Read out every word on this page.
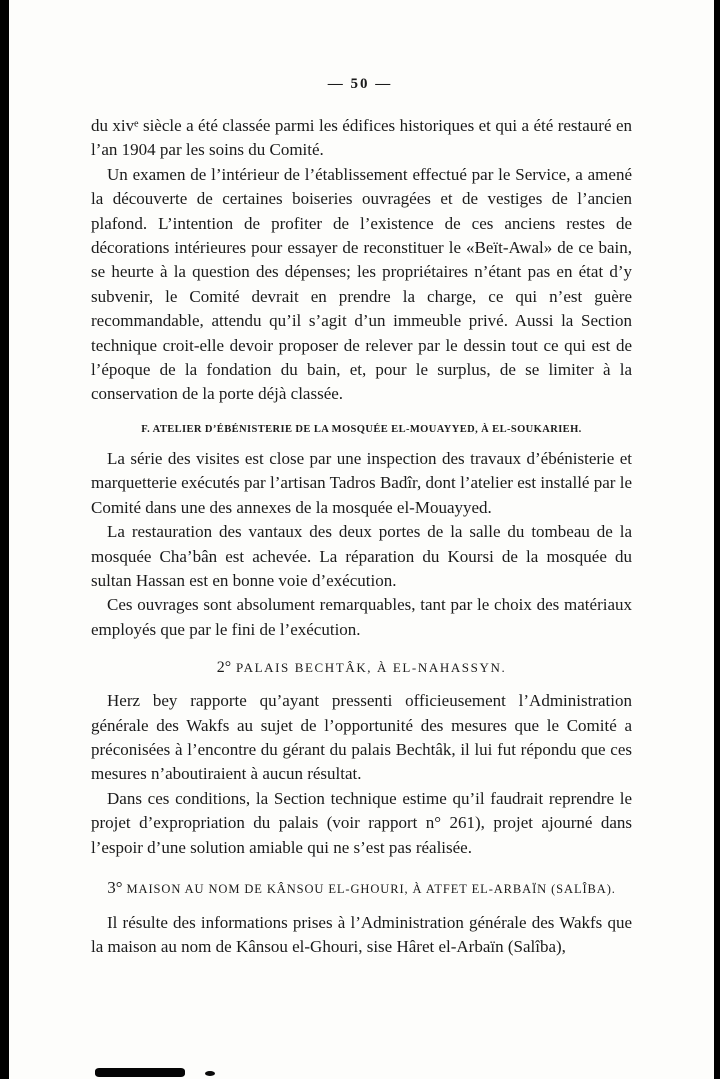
— 50 —

du xivᵉ siècle a été classée parmi les édifices historiques et qui a été restauré en l’an 1904 par les soins du Comité.

Un examen de l’intérieur de l’établissement effectué par le Service, a amené la découverte de certaines boiseries ouvragées et de vestiges de l’ancien plafond. L’intention de profiter de l’existence de ces anciens restes de décorations intérieures pour essayer de reconstituer le «Beït-Awal» de ce bain, se heurte à la question des dépenses; les propriétaires n’étant pas en état d’y subvenir, le Comité devrait en prendre la charge, ce qui n’est guère recommandable, attendu qu’il s’agit d’un immeuble privé. Aussi la Section technique croit-elle devoir proposer de relever par le dessin tout ce qui est de l’époque de la fondation du bain, et, pour le surplus, de se limiter à la conservation de la porte déjà classée.

F. ATELIER D’ÉBÉNISTERIE DE LA MOSQUÉE EL-MOUAYYED, À EL-SOUKARIEH.

La série des visites est close par une inspection des travaux d’ébénisterie et marquetterie exécutés par l’artisan Tadros Badîr, dont l’atelier est installé par le Comité dans une des annexes de la mosquée el-Mouayyed.

La restauration des vantaux des deux portes de la salle du tombeau de la mosquée Cha’bân est achevée. La réparation du Koursi de la mosquée du sultan Hassan est en bonne voie d’exécution.

Ces ouvrages sont absolument remarquables, tant par le choix des matériaux employés que par le fini de l’exécution.

2° PALAIS BECHTÂK, À EL-NAHASSYN.

Herz bey rapporte qu’ayant pressenti officieusement l’Administration générale des Wakfs au sujet de l’opportunité des mesures que le Comité a préconisées à l’encontre du gérant du palais Bechtâk, il lui fut répondu que ces mesures n’aboutiraient à aucun résultat.

Dans ces conditions, la Section technique estime qu’il faudrait reprendre le projet d’expropriation du palais (voir rapport n° 261), projet ajourné dans l’espoir d’une solution amiable qui ne s’est pas réalisée.

3° MAISON AU NOM DE KÂNSOU EL-GHOURI, À ATFET EL-ARBAÏN (SALÎBA).

Il résulte des informations prises à l’Administration générale des Wakfs que la maison au nom de Kânsou el-Ghouri, sise Hâret el-Arbaïn (Salîba),
